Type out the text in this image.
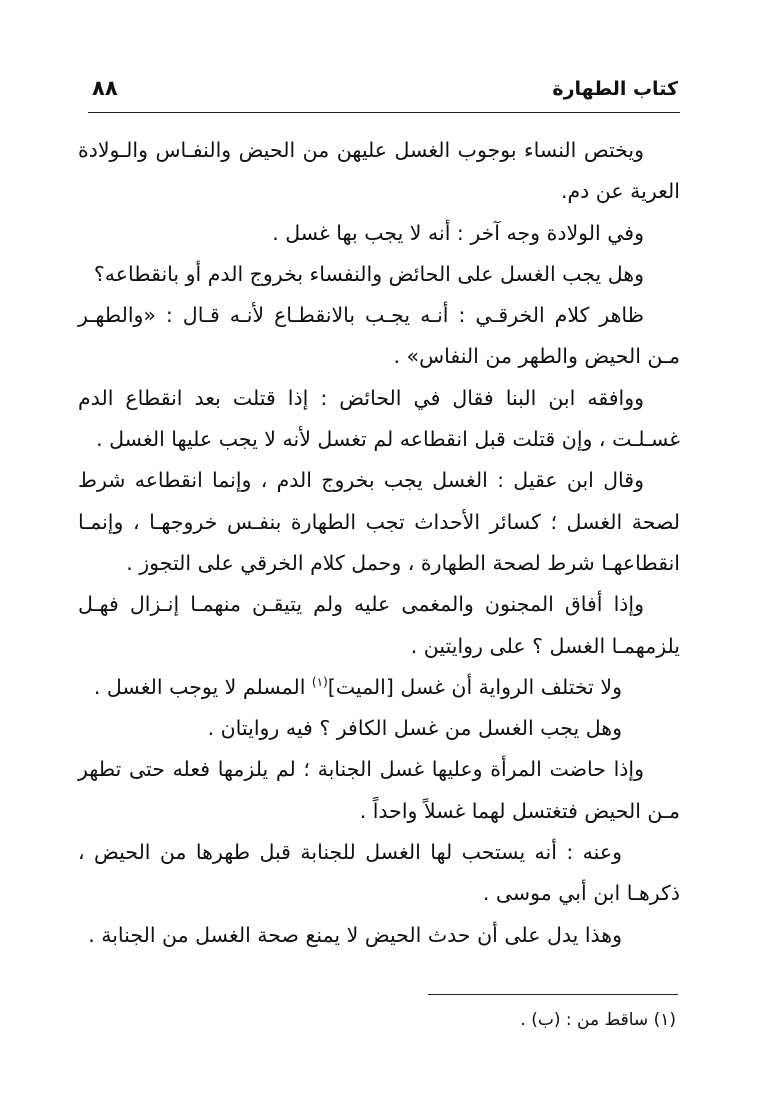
كتاب الطهارة
٨٨

ويختص النساء بوجوب الغسل عليهن من الحيض والنفـاس والـولادة العرية عن دم.

وفي الولادة وجه آخر : أنه لا يجب بها غسل .

وهل يجب الغسل على الحائض والنفساء بخروج الدم أو بانقطاعه؟

ظاهر كلام الخرقـي : أنـه يجـب بالانقطـاع لأنـه قـال : «والطهـر مـن الحيض والطهر من النفاس» .

ووافقه ابن البنا فقال في الحائض : إذا قتلت بعد انقطاع الدم غسـلـت ، وإن قتلت قبل انقطاعه لم تغسل لأنه لا يجب عليها الغسل .

وقال ابن عقيل : الغسل يجب بخروج الدم ، وإنما انقطاعه شرط لصحة الغسل ؛ كسائر الأحداث تجب الطهارة بنفـس خروجهـا ، وإنمـا انقطاعهـا شرط لصحة الطهارة ، وحمل كلام الخرقي على التجوز .

وإذا أفاق المجنون والمغمى عليه ولم يتيقـن منهمـا إنـزال فهـل يلزمهمـا الغسل ؟ على روايتين .

ولا تختلف الرواية أن غسل [الميت]$^{(١)}$ المسلم لا يوجب الغسل .

وهل يجب الغسل من غسل الكافر ؟ فيه روايتان .

وإذا حاضت المرأة وعليها غسل الجنابة ؛ لم يلزمها فعله حتى تطهر مـن الحيض فتغتسل لهما غسلاً واحداً .

وعنه : أنه يستحب لها الغسل للجنابة قبل طهرها من الحيض ، ذكرهـا ابن أبي موسى .

وهذا يدل على أن حدث الحيض لا يمنع صحة الغسل من الجنابة .

(١) ساقط من : (ب) .
